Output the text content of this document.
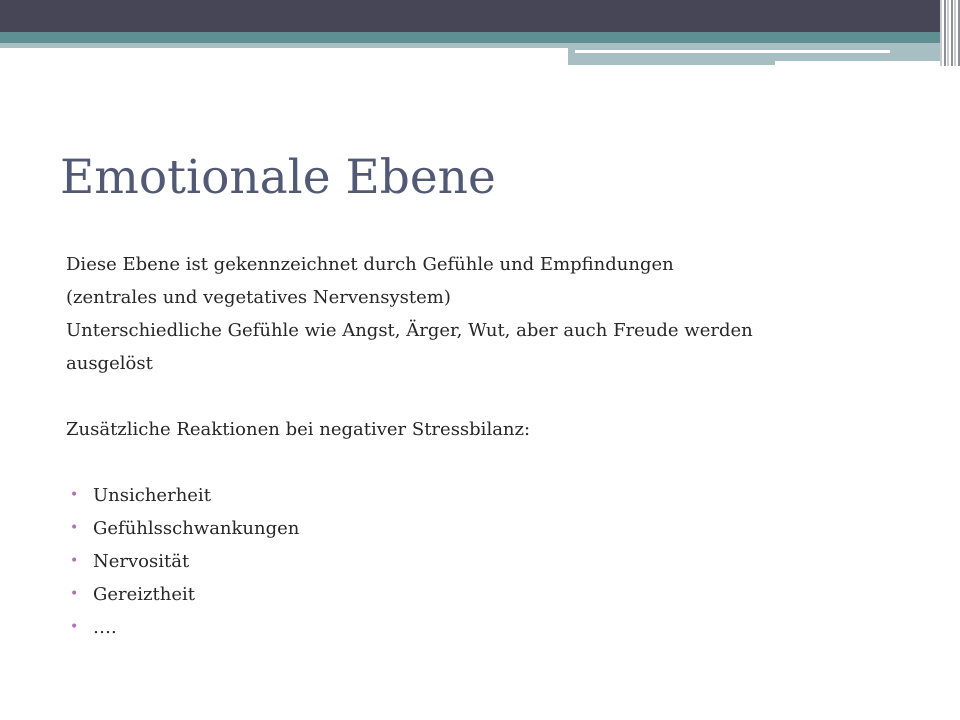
Emotionale Ebene

Diese Ebene ist gekennzeichnet durch Gefühle und Empfindungen

(zentrales und vegetatives Nervensystem)

Unterschiedliche Gefühle wie Angst, Ärger, Wut, aber auch Freude werden

ausgelöst

Zusätzliche Reaktionen bei negativer Stressbilanz:

• Unsicherheit
• Gefühlsschwankungen
• Nervosität
• Gereiztheit
• ….
